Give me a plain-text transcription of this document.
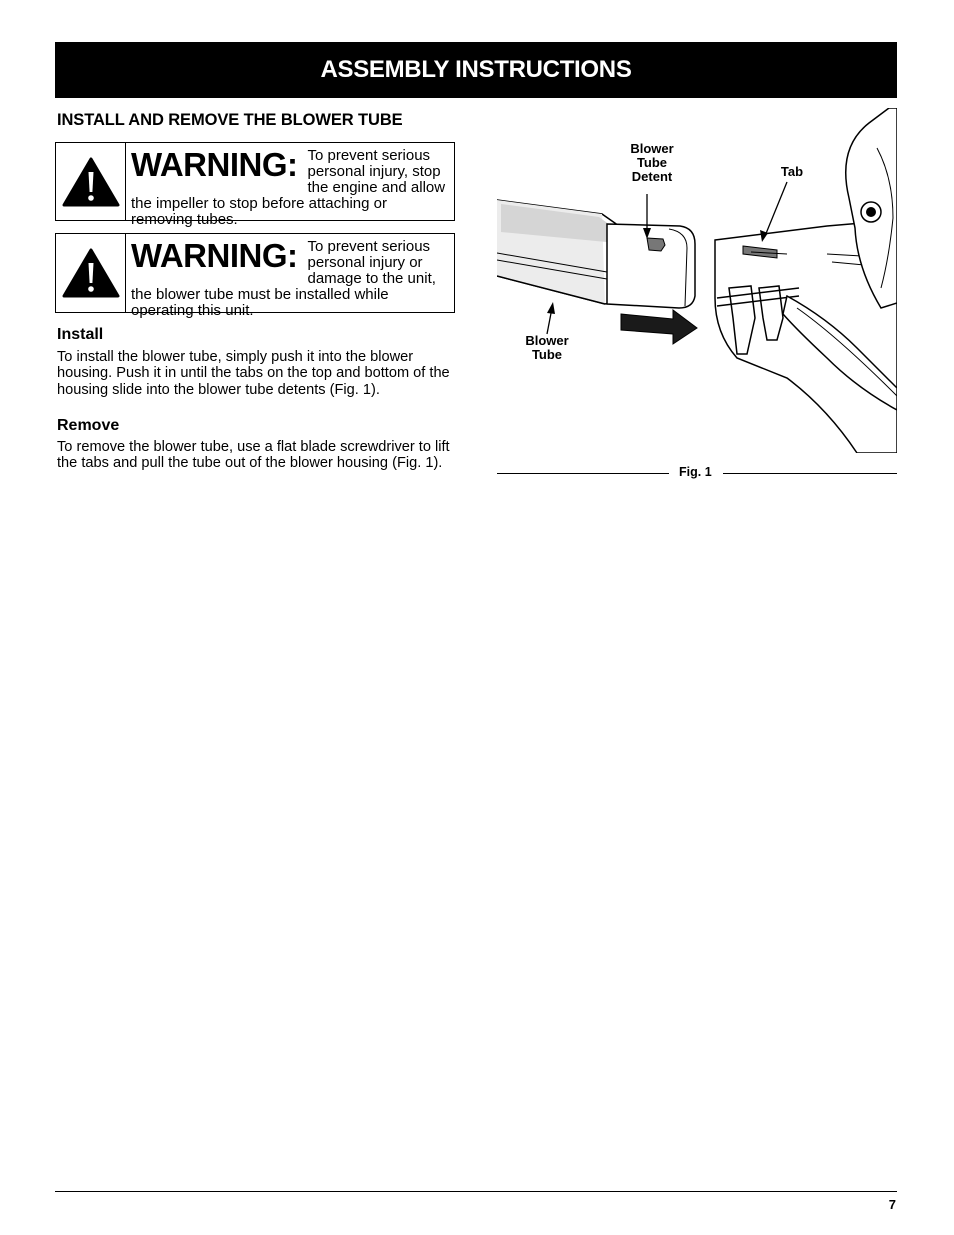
ASSEMBLY INSTRUCTIONS
INSTALL AND REMOVE THE BLOWER TUBE
WARNING: To prevent serious personal injury, stop the engine and allow the impeller to stop before attaching or removing tubes.
WARNING: To prevent serious personal injury or damage to the unit, the blower tube must be installed while operating this unit.
Install
To install the blower tube, simply push it into the blower housing. Push it in until the tabs on the top and bottom of the housing slide into the blower tube detents (Fig. 1).
Remove
To remove the blower tube, use a flat blade screwdriver to lift the tabs and pull the tube out of the blower housing (Fig. 1).
Blower
Tube
Detent	Tab
Blower
Tube
Fig. 1
7
